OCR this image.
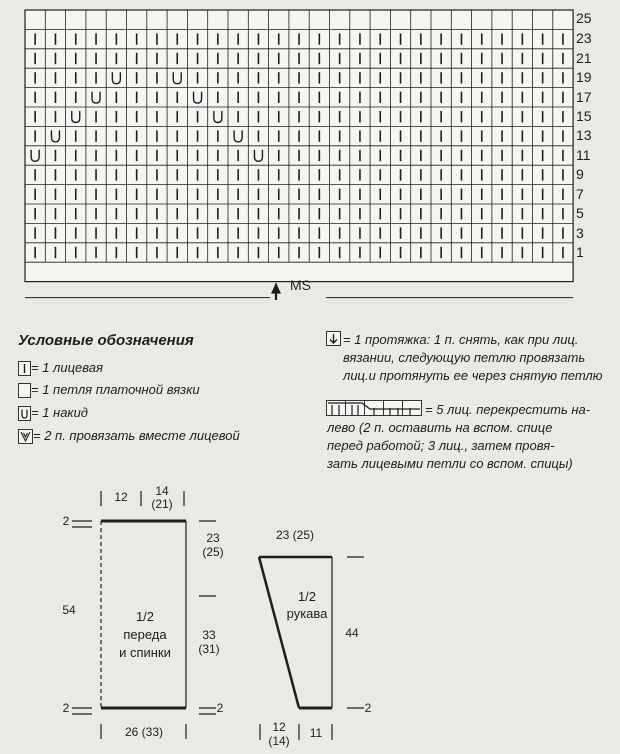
25
23
21
19
17
15
13
11
9
7
5
3
1
MS
Условные обозначения
= 1 лицевая
= 1 петля платочной вязки
= 1 накид
= 2 п. провязать вместе лицевой
= 1 протяжка: 1 п. снять, как при лиц.
вязании, следующую петлю провязать
лиц.и протянуть ее через снятую петлю
= 5 лиц. перекрестить на-
лево (2 п. оставить на вспом. спице
перед работой; 3 лиц., затем провя-
зать лицевыми петли со вспом. спицы)
12	14
(21)
23
(25)
33
(31)
54
26 (33)
2
2	2
1/2
переда
и спинки
23 (25)
44
12
(14)
11
2
1/2
рукава
